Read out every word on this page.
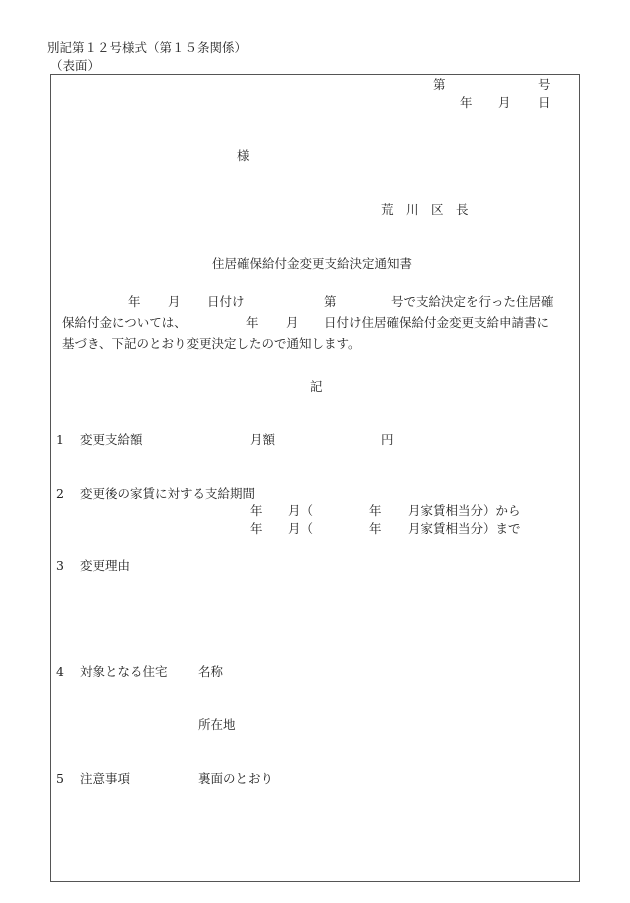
別記第１２号様式（第１５条関係）
（表面）
第	号
年 月 日
様
荒　川　区　長
住居確保給付金変更支給決定通知書
年 月 日付け	第	号で支給決定を行った住居確
保給付金については、	年 月 日付け住居確保給付金変更支給申請書に
基づき、下記のとおり変更決定したので通知します。
記
1 変更支給額	月額	円
2 変更後の家賃に対する支給期間
年 月（	年 月家賃相当分）から
年 月（	年 月家賃相当分）まで
3 変更理由
4 対象となる住宅 名称
所在地
5 注意事項	裏面のとおり
